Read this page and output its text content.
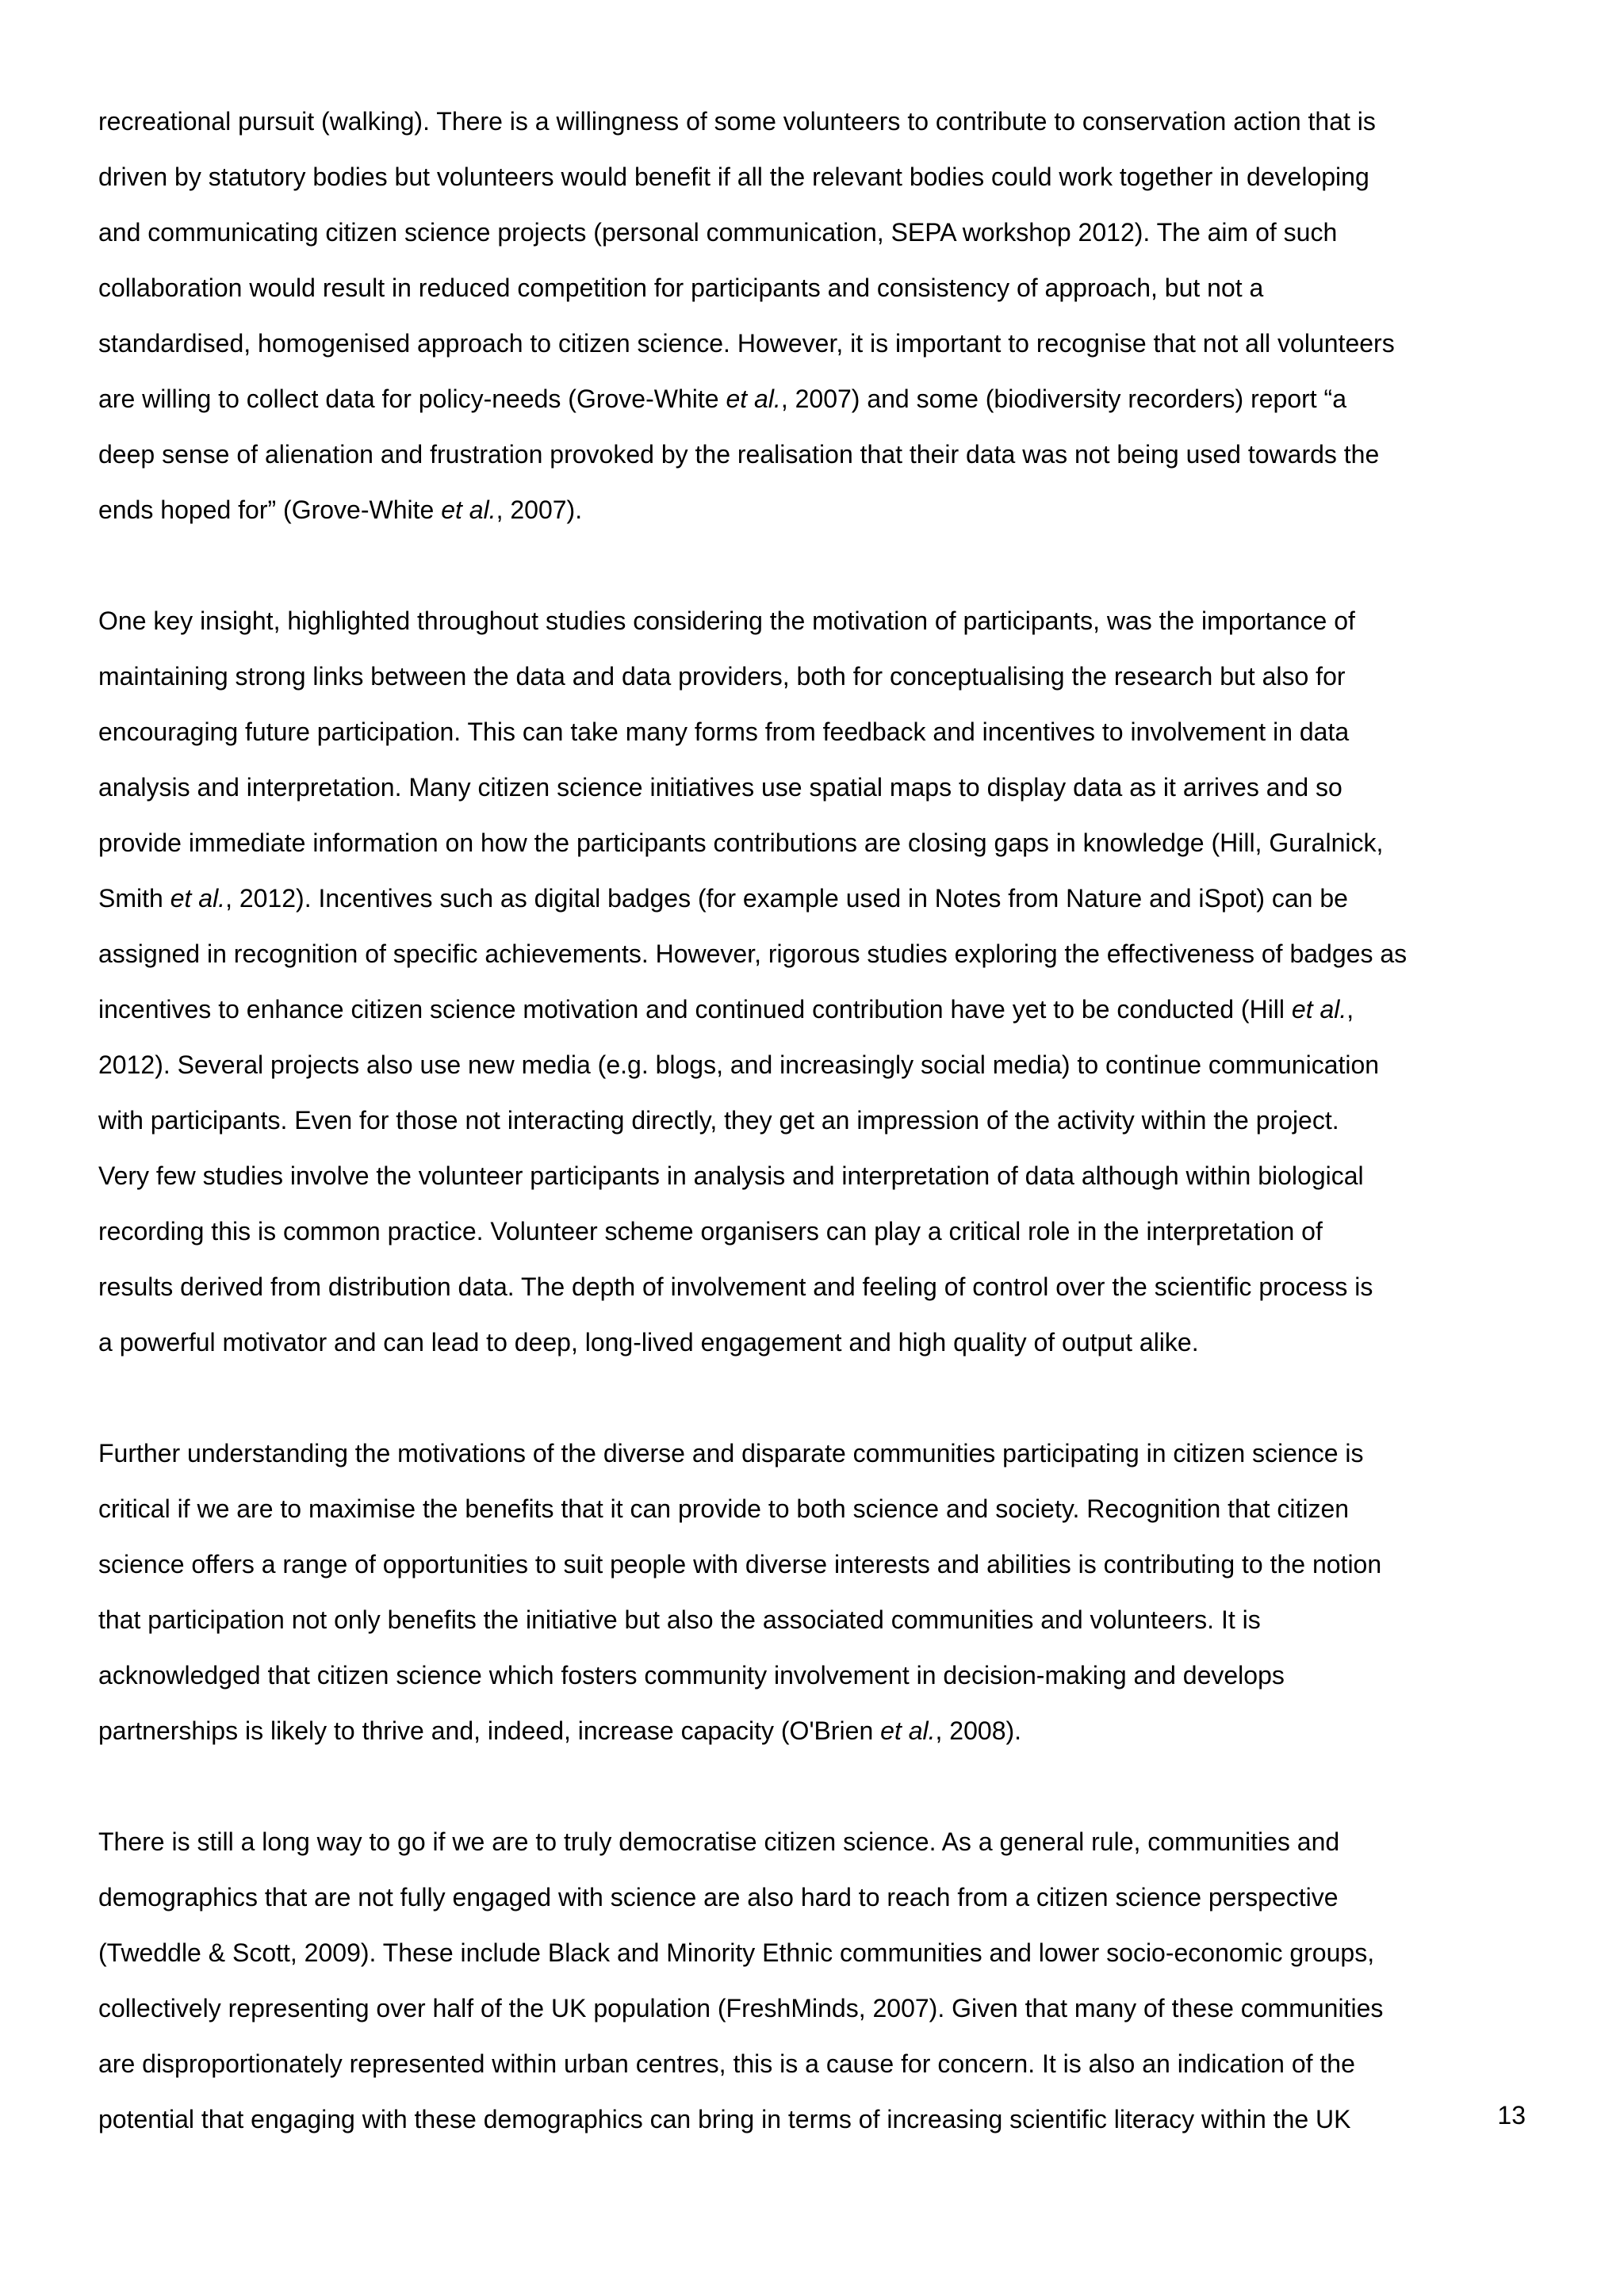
recreational pursuit (walking). There is a willingness of some volunteers to contribute to conservation action that is
driven by statutory bodies but volunteers would benefit if all the relevant bodies could work together in developing
and communicating citizen science projects (personal communication, SEPA workshop 2012). The aim of such
collaboration would result in reduced competition for participants and consistency of approach, but not a
standardised, homogenised approach to citizen science. However, it is important to recognise that not all volunteers
are willing to collect data for policy-needs (Grove-White et al., 2007) and some (biodiversity recorders) report “a
deep sense of alienation and frustration provoked by the realisation that their data was not being used towards the
ends hoped for” (Grove-White et al., 2007).

One key insight, highlighted throughout studies considering the motivation of participants, was the importance of
maintaining strong links between the data and data providers, both for conceptualising the research but also for
encouraging future participation. This can take many forms from feedback and incentives to involvement in data
analysis and interpretation. Many citizen science initiatives use spatial maps to display data as it arrives and so
provide immediate information on how the participants contributions are closing gaps in knowledge (Hill, Guralnick,
Smith et al., 2012). Incentives such as digital badges (for example used in Notes from Nature and iSpot) can be
assigned in recognition of specific achievements. However, rigorous studies exploring the effectiveness of badges as
incentives to enhance citizen science motivation and continued contribution have yet to be conducted (Hill et al.,
2012). Several projects also use new media (e.g. blogs, and increasingly social media) to continue communication
with participants. Even for those not interacting directly, they get an impression of the activity within the project.
Very few studies involve the volunteer participants in analysis and interpretation of data although within biological
recording this is common practice. Volunteer scheme organisers can play a critical role in the interpretation of
results derived from distribution data. The depth of involvement and feeling of control over the scientific process is
a powerful motivator and can lead to deep, long-lived engagement and high quality of output alike.

Further understanding the motivations of the diverse and disparate communities participating in citizen science is
critical if we are to maximise the benefits that it can provide to both science and society. Recognition that citizen
science offers a range of opportunities to suit people with diverse interests and abilities is contributing to the notion
that participation not only benefits the initiative but also the associated communities and volunteers. It is
acknowledged that citizen science which fosters community involvement in decision-making and develops
partnerships is likely to thrive and, indeed, increase capacity (O'Brien et al., 2008).

There is still a long way to go if we are to truly democratise citizen science. As a general rule, communities and
demographics that are not fully engaged with science are also hard to reach from a citizen science perspective
(Tweddle & Scott, 2009). These include Black and Minority Ethnic communities and lower socio-economic groups,
collectively representing over half of the UK population (FreshMinds, 2007). Given that many of these communities
are disproportionately represented within urban centres, this is a cause for concern. It is also an indication of the
potential that engaging with these demographics can bring in terms of increasing scientific literacy within the UK	13
